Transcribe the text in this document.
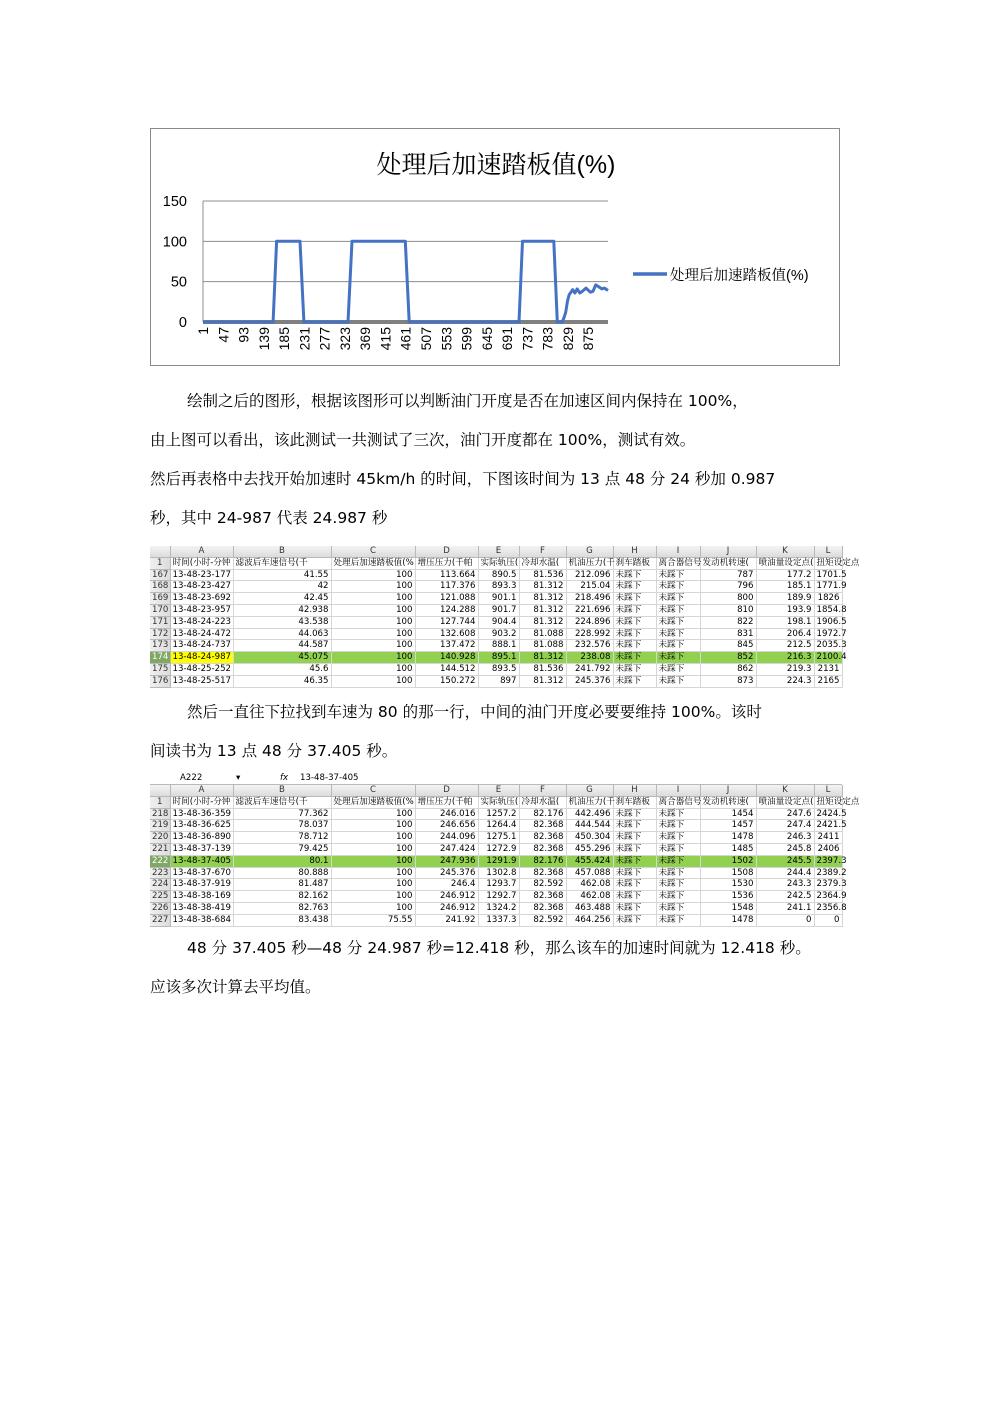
处理后加速踏板值(%)
0
50
100
150
1 47 93 139 185 231 277 323 369 415 461 507 553 599 645 691 737 783 829 875
处理后加速踏板值(%)
绘制之后的图形，根据该图形可以判断油门开度是否在加速区间内保持在 100%，
由上图可以看出，该此测试一共测试了三次，油门开度都在 100%，测试有效。
然后再表格中去找开始加速时 45km/h 的时间，下图该时间为 13 点 48 分 24 秒加 0.987
秒，其中 24-987 代表 24.987 秒
	A	B	C	D	E	F	G	H	I	J	K	L
1	时间(小时-分钟	滤波后车速信号(千	处理后加速踏板值(%	增压压力(千帕	实际轨压(	冷却水温(	机油压力(千	刹车踏板	离合器信号	发动机转速(	喷油量设定点(	扭矩设定点
167	13-48-23-177	41.55	100	113.664	890.5	81.536	212.096	未踩下	未踩下	787	177.2	1701.5
168	13-48-23-427	42	100	117.376	893.3	81.312	215.04	未踩下	未踩下	796	185.1	1771.9
169	13-48-23-692	42.45	100	121.088	901.1	81.312	218.496	未踩下	未踩下	800	189.9	1826
170	13-48-23-957	42.938	100	124.288	901.7	81.312	221.696	未踩下	未踩下	810	193.9	1854.8
171	13-48-24-223	43.538	100	127.744	904.4	81.312	224.896	未踩下	未踩下	822	198.1	1906.5
172	13-48-24-472	44.063	100	132.608	903.2	81.088	228.992	未踩下	未踩下	831	206.4	1972.7
173	13-48-24-737	44.587	100	137.472	888.1	81.088	232.576	未踩下	未踩下	845	212.5	2035.3
174	13-48-24-987	45.075	100	140.928	895.1	81.312	238.08	未踩下	未踩下	852	216.3	2100.4
175	13-48-25-252	45.6	100	144.512	893.5	81.536	241.792	未踩下	未踩下	862	219.3	2131
176	13-48-25-517	46.35	100	150.272	897	81.312	245.376	未踩下	未踩下	873	224.3	2165
然后一直往下拉找到车速为 80 的那一行，中间的油门开度必要要维持 100%。该时
间读书为 13 点 48 分 37.405 秒。
A222	▾	fx 13-48-37-405
	A	B	C	D	E	F	G	H	I	J	K	L
1	时间(小时-分钟	滤波后车速信号(千	处理后加速踏板值(%	增压压力(千帕	实际轨压(	冷却水温(	机油压力(千	刹车踏板	离合器信号	发动机转速(	喷油量设定点(	扭矩设定点
218	13-48-36-359	77.362	100	246.016	1257.2	82.176	442.496	未踩下	未踩下	1454	247.6	2424.5
219	13-48-36-625	78.037	100	246.656	1264.4	82.368	444.544	未踩下	未踩下	1457	247.4	2421.5
220	13-48-36-890	78.712	100	244.096	1275.1	82.368	450.304	未踩下	未踩下	1478	246.3	2411
221	13-48-37-139	79.425	100	247.424	1272.9	82.368	455.296	未踩下	未踩下	1485	245.8	2406
222	13-48-37-405	80.1	100	247.936	1291.9	82.176	455.424	未踩下	未踩下	1502	245.5	2397.3
223	13-48-37-670	80.888	100	245.376	1302.8	82.368	457.088	未踩下	未踩下	1508	244.4	2389.2
224	13-48-37-919	81.487	100	246.4	1293.7	82.592	462.08	未踩下	未踩下	1530	243.3	2379.3
225	13-48-38-169	82.162	100	246.912	1292.7	82.368	462.08	未踩下	未踩下	1536	242.5	2364.9
226	13-48-38-419	82.763	100	246.912	1324.2	82.368	463.488	未踩下	未踩下	1548	241.1	2356.8
227	13-48-38-684	83.438	75.55	241.92	1337.3	82.592	464.256	未踩下	未踩下	1478	0	0
48 分 37.405 秒—48 分 24.987 秒=12.418 秒，那么该车的加速时间就为 12.418 秒。
应该多次计算去平均值。
